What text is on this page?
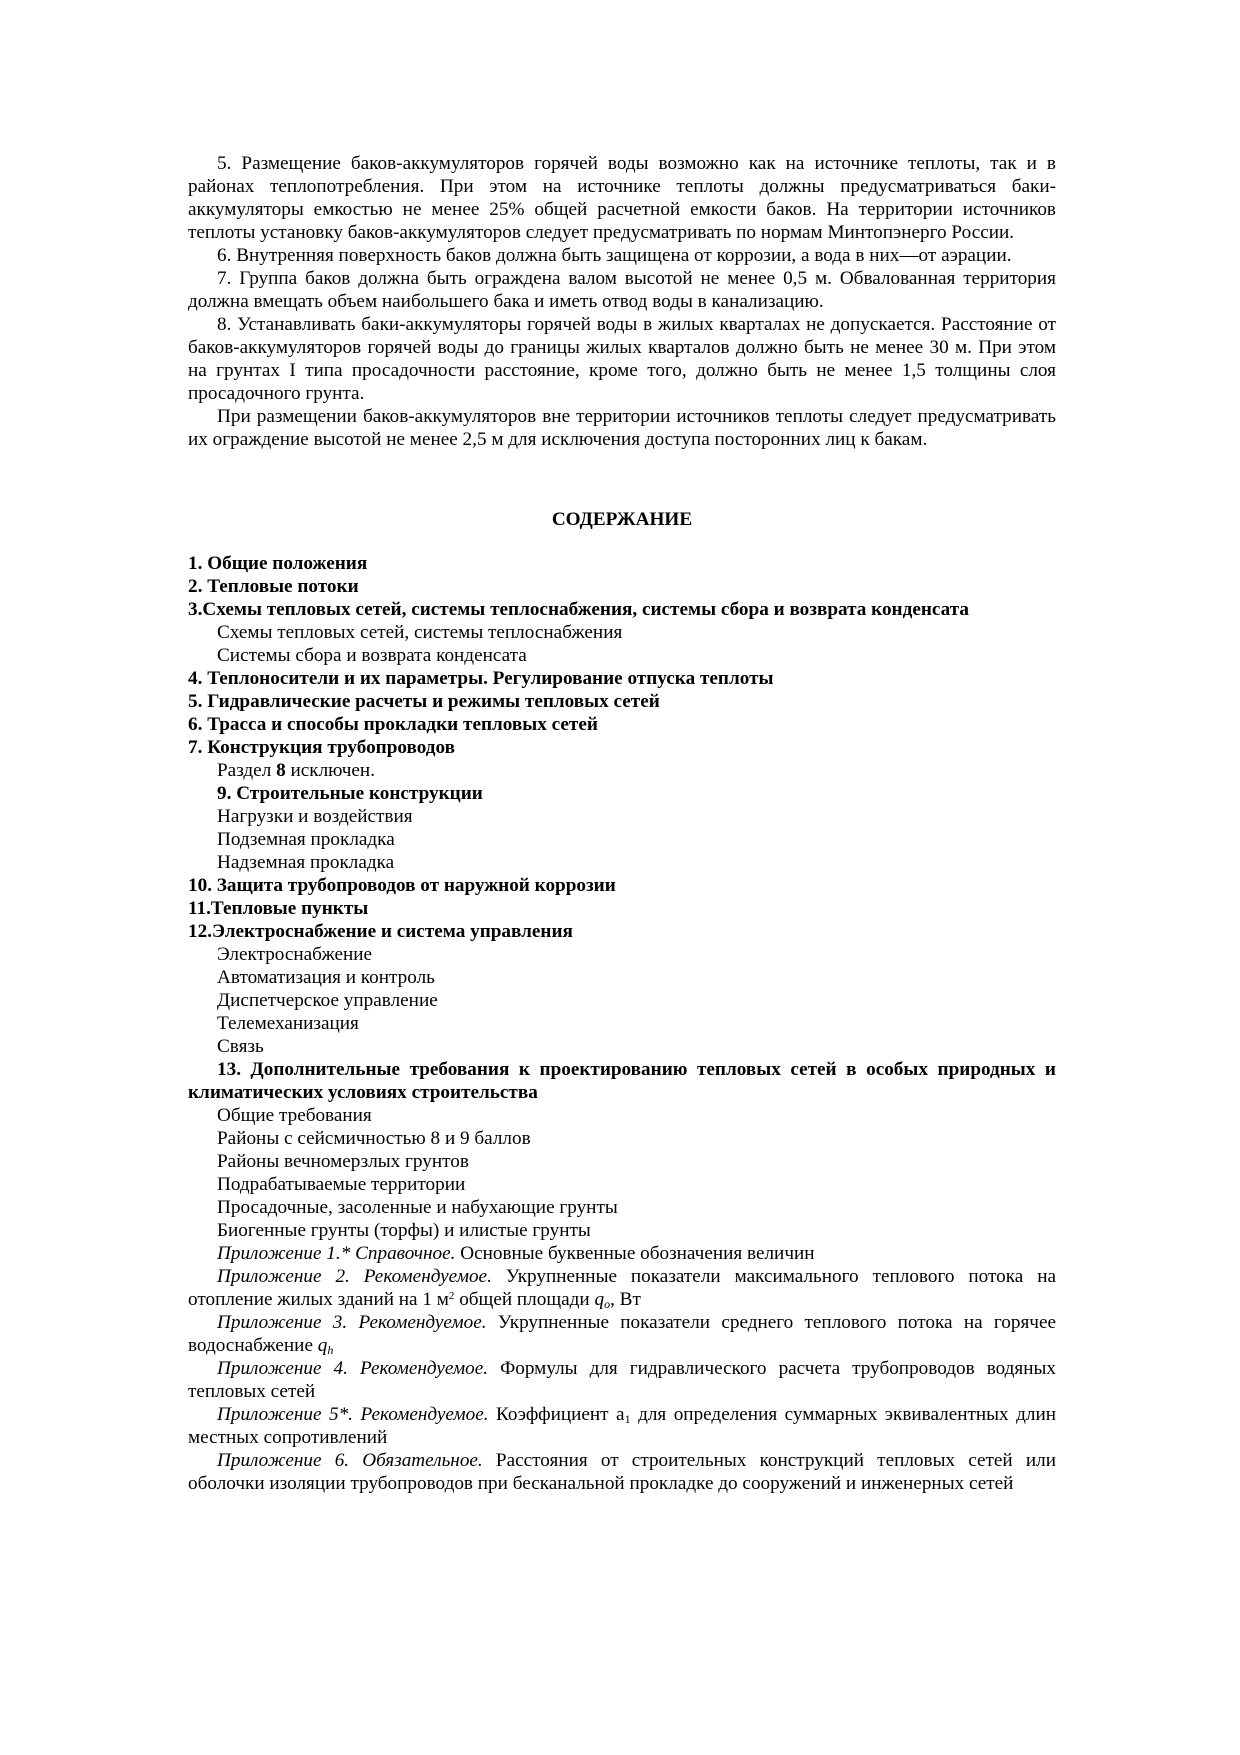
5. Размещение баков-аккумуляторов горячей воды возможно как на источнике теплоты, так и в районах теплопотребления. При этом на источнике теплоты должны предусматриваться баки-аккумуляторы емкостью не менее 25% общей расчетной емкости баков. На территории источников теплоты установку баков-аккумуляторов следует предусматривать по нормам Минтопэнерго России.

6. Внутренняя поверхность баков должна быть защищена от коррозии, а вода в них—от аэрации.

7. Группа баков должна быть ограждена валом высотой не менее 0,5 м. Обвалованная территория должна вмещать объем наибольшего бака и иметь отвод воды в канализацию.

8. Устанавливать баки-аккумуляторы горячей воды в жилых кварталах не допускается. Расстояние от баков-аккумуляторов горячей воды до границы жилых кварталов должно быть не менее 30 м. При этом на грунтах I типа просадочности расстояние, кроме того, должно быть не менее 1,5 толщины слоя просадочного грунта.

При размещении баков-аккумуляторов вне территории источников теплоты следует предусматривать их ограждение высотой не менее 2,5 м для исключения доступа посторонних лиц к бакам.

СОДЕРЖАНИЕ

1. Общие положения

2. Тепловые потоки

3.Схемы тепловых сетей, системы теплоснабжения, системы сбора и возврата конденсата

Схемы тепловых сетей, системы теплоснабжения

Системы сбора и возврата конденсата

4. Теплоносители и их параметры. Регулирование отпуска теплоты

5. Гидравлические расчеты и режимы тепловых сетей

6. Трасса и способы прокладки тепловых сетей

7. Конструкция трубопроводов

Раздел 8 исключен.

9. Строительные конструкции

Нагрузки и воздействия

Подземная прокладка

Надземная прокладка

10. Защита трубопроводов от наружной коррозии

11.Тепловые пункты

12.Электроснабжение и система управления

Электроснабжение

Автоматизация и контроль

Диспетчерское управление

Телемеханизация

Связь

13. Дополнительные требования к проектированию тепловых сетей в особых природных и климатических условиях строительства

Общие требования

Районы с сейсмичностью 8 и 9 баллов

Районы вечномерзлых грунтов

Подрабатываемые территории

Просадочные, засоленные и набухающие грунты

Биогенные грунты (торфы) и илистые грунты

Приложение 1.* Справочное. Основные буквенные обозначения величин

Приложение 2. Рекомендуемое. Укрупненные показатели максимального теплового потока на отопление жилых зданий на 1 $м^2$ общей площади $q_o$, Вт

Приложение 3. Рекомендуемое. Укрупненные показатели среднего теплового потока на горячее водоснабжение $q_h$

Приложение 4. Рекомендуемое. Формулы для гидравлического расчета трубопроводов водяных тепловых сетей

Приложение 5*. Рекомендуемое. Коэффициент $a_1$ для определения суммарных эквивалентных длин местных сопротивлений

Приложение 6. Обязательное. Расстояния от строительных конструкций тепловых сетей или оболочки изоляции трубопроводов при бесканальной прокладке до сооружений и инженерных сетей
